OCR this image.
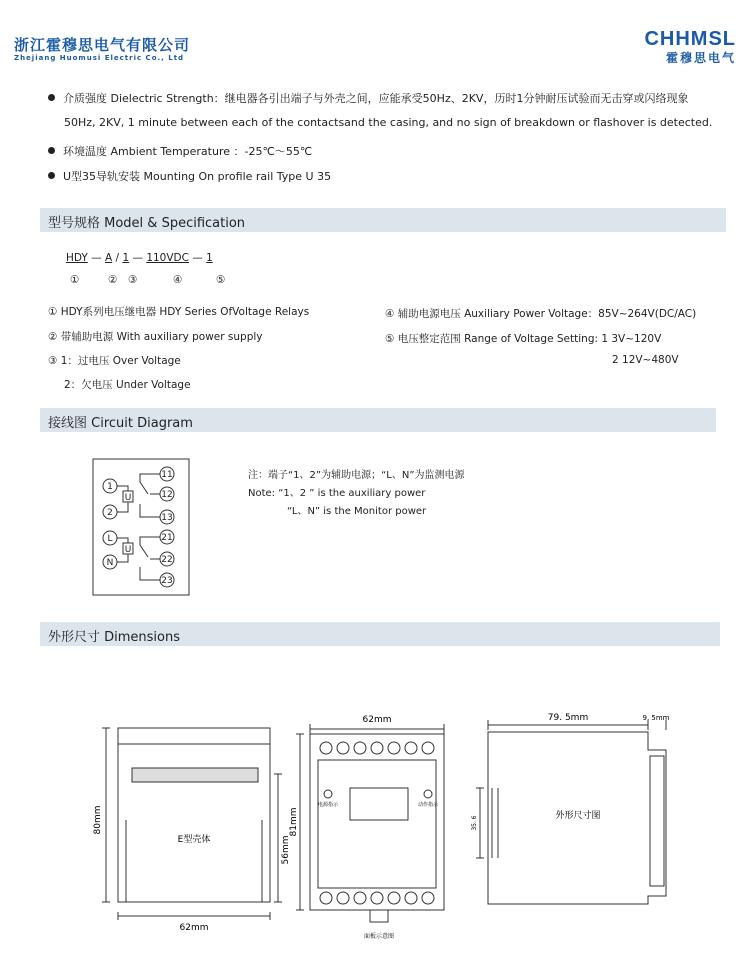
浙江霍穆思电气有限公司
Zhejiang Huomusi Electric Co., Ltd
CHHMSL
霍穆思电气
介质强度 Dielectric Strength：继电器各引出端子与外壳之间，应能承受50Hz、2KV，历时1分钟耐压试验而无击穿或闪络现象
50Hz, 2KV, 1 minute between each of the contactsand the casing, and no sign of breakdown or flashover is detected.
环境温度 Ambient Temperature ：-25℃～55℃
U型35导轨安装 Mounting On profile rail Type U 35
型号规格 Model & Specification
HDY — A / 1 — 110VDC — 1
①	② ③	④	⑤
① HDY系列电压继电器 HDY Series OfVoltage Relays
② 带辅助电源 With auxiliary power supply
③ 1：过电压 Over Voltage
2：欠电压 Under Voltage
④ 辅助电源电压 Auxiliary Power Voltage：85V~264V(DC/AC)
⑤ 电压整定范围 Range of Voltage Setting: 1 3V~120V
2 12V~480V
接线图 Circuit Diagram
1
2
L
N
U
U
11
12
13
21
22
23
注：端子“1、2”为辅助电源；“L、N”为监测电源
Note: “1、2 ” is the auxiliary power
“L、N” is the Monitor power
外形尺寸 Dimensions
80mm
62mm
56mm
E型壳体
62mm
81mm
电源指示	动作指示
面板示意图
79. 5mm	9. 5mm
35. 6	外形尺寸图
